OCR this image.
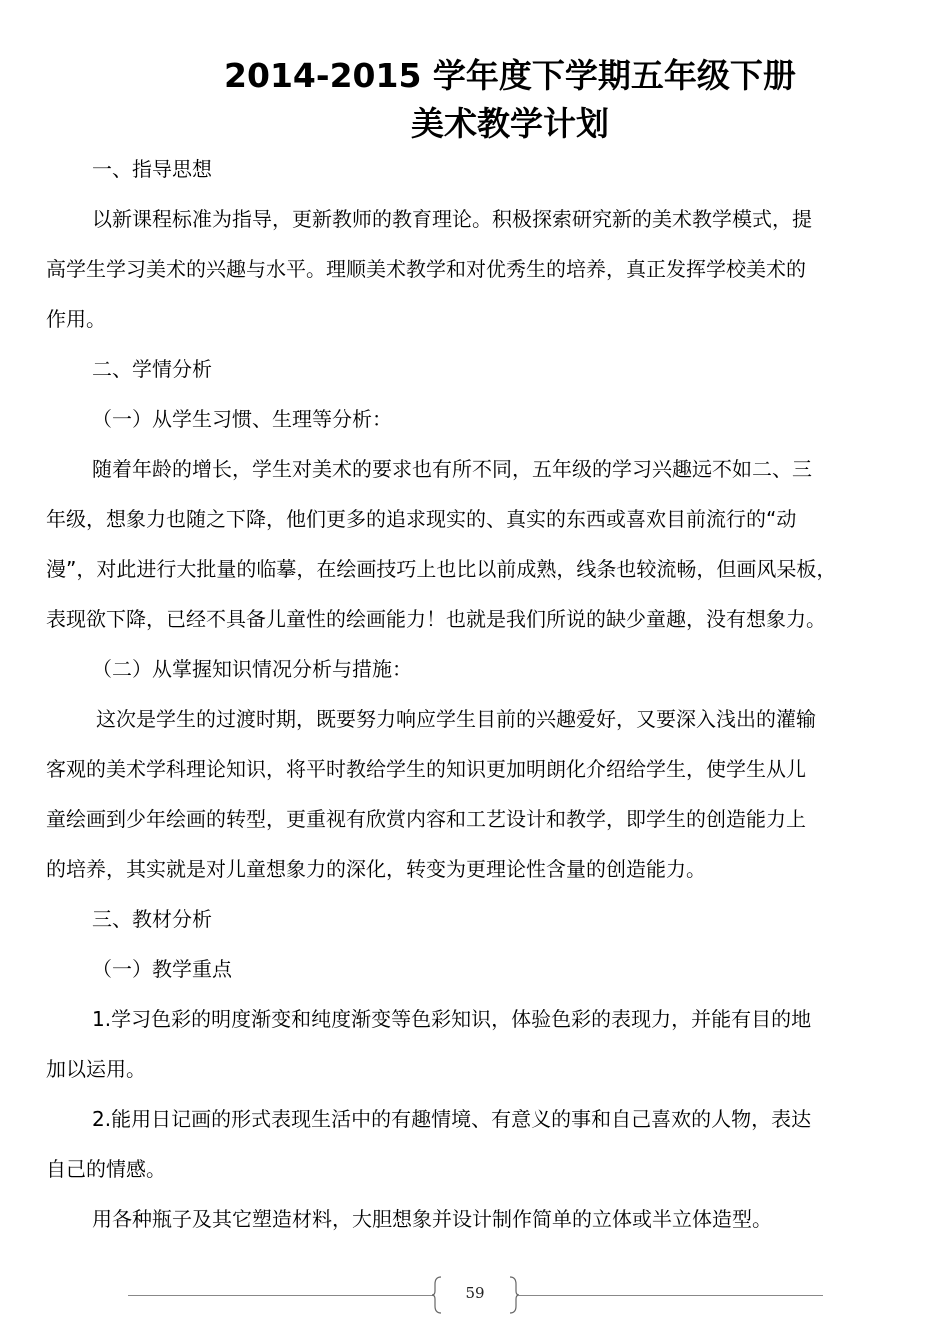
2014-2015 学年度下学期五年级下册
美术教学计划
一、指导思想
以新课程标准为指导，更新教师的教育理论。积极探索研究新的美术教学模式，提
高学生学习美术的兴趣与水平。理顺美术教学和对优秀生的培养，真正发挥学校美术的
作用。
二、学情分析
（一）从学生习惯、生理等分析：
随着年龄的增长，学生对美术的要求也有所不同，五年级的学习兴趣远不如二、三
年级，想象力也随之下降，他们更多的追求现实的、真实的东西或喜欢目前流行的“动
漫”，对此进行大批量的临摹，在绘画技巧上也比以前成熟，线条也较流畅，但画风呆板，
表现欲下降，已经不具备儿童性的绘画能力！也就是我们所说的缺少童趣，没有想象力。
（二）从掌握知识情况分析与措施：
这次是学生的过渡时期，既要努力响应学生目前的兴趣爱好，又要深入浅出的灌输
客观的美术学科理论知识，将平时教给学生的知识更加明朗化介绍给学生，使学生从儿
童绘画到少年绘画的转型，更重视有欣赏内容和工艺设计和教学，即学生的创造能力上
的培养，其实就是对儿童想象力的深化，转变为更理论性含量的创造能力。
三、教材分析
（一）教学重点
1.学习色彩的明度渐变和纯度渐变等色彩知识，体验色彩的表现力，并能有目的地
加以运用。
2.能用日记画的形式表现生活中的有趣情境、有意义的事和自己喜欢的人物，表达
自己的情感。
用各种瓶子及其它塑造材料，大胆想象并设计制作简单的立体或半立体造型。
59
